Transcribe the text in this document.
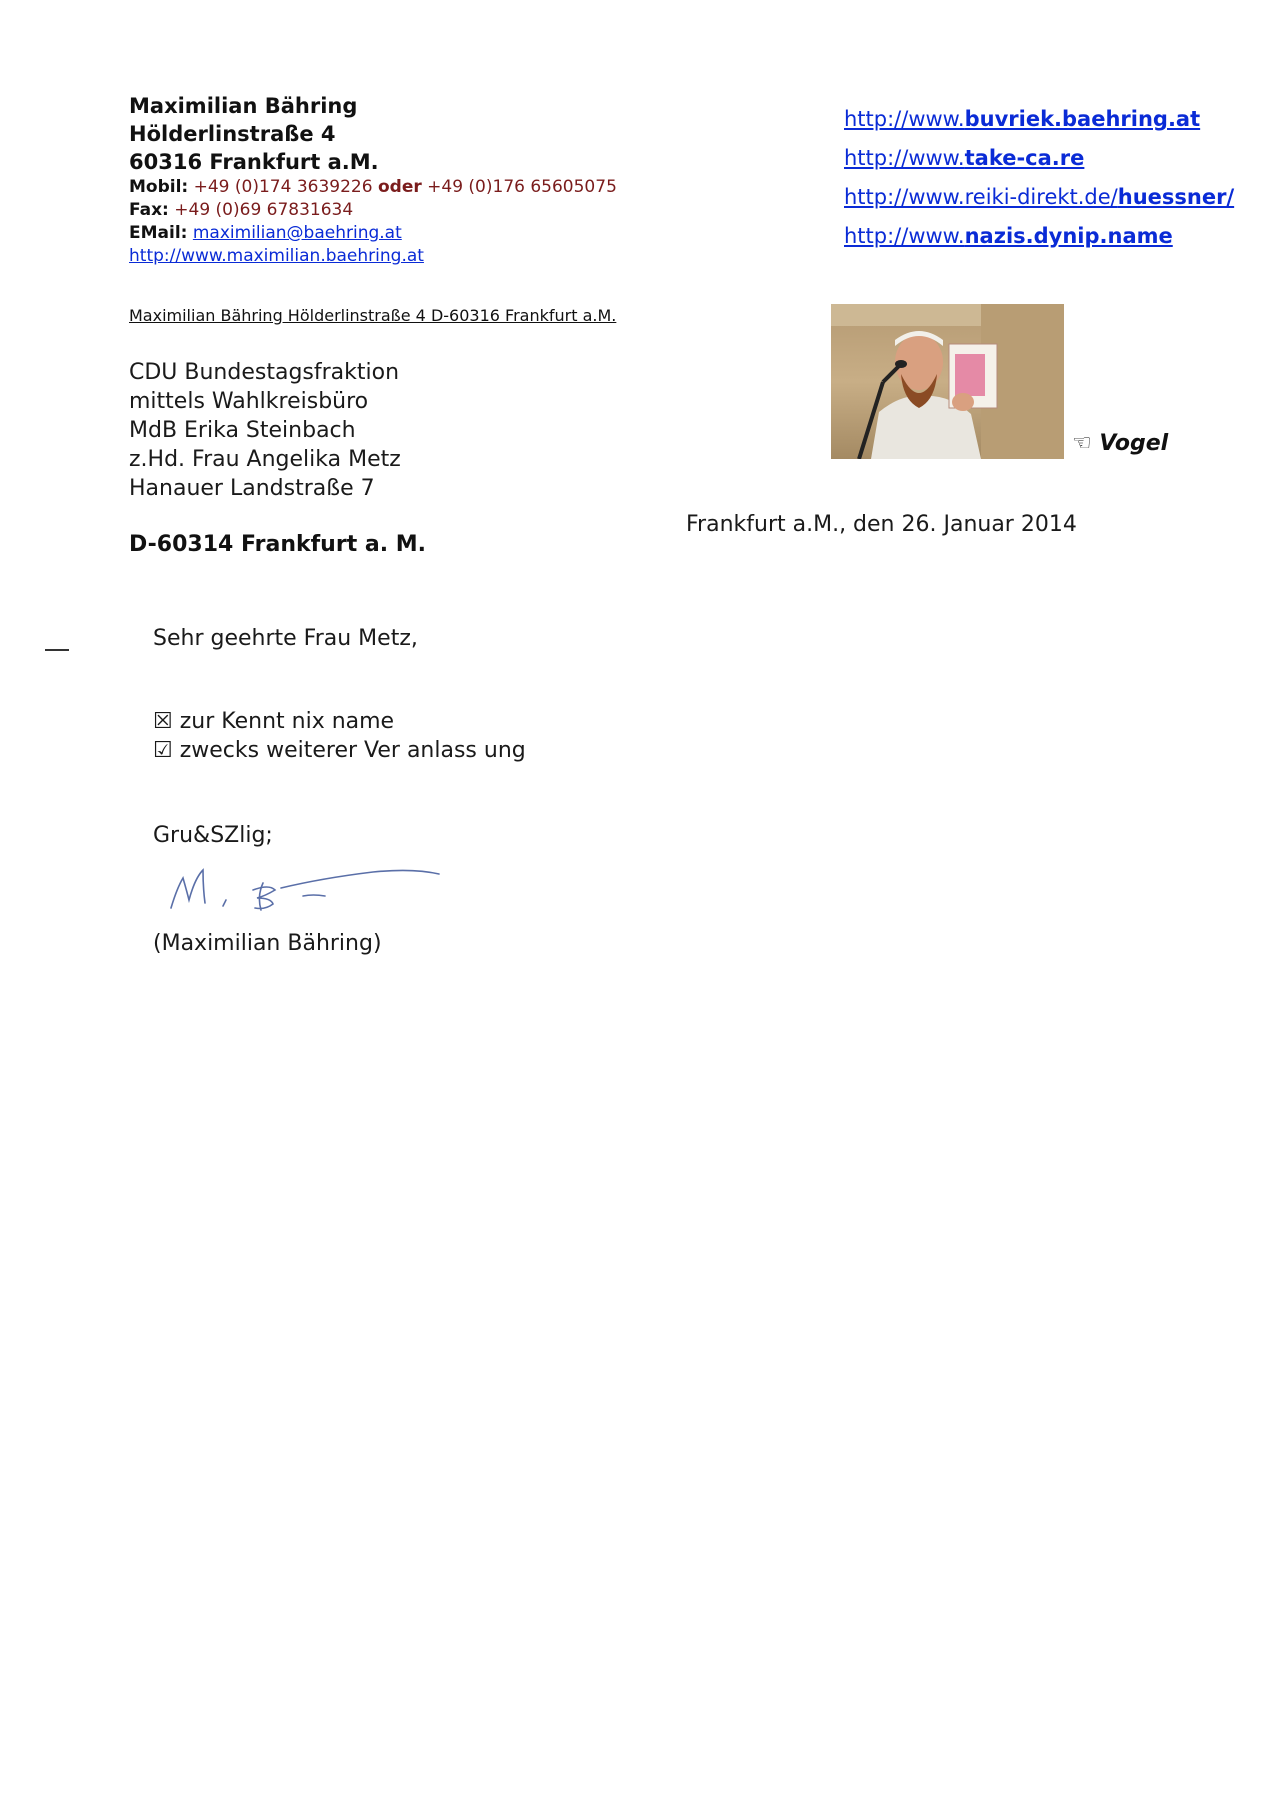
Maximilian Bähring
Hölderlinstraße 4
60316 Frankfurt a.M.
Mobil: +49 (0)174 3639226 oder +49 (0)176 65605075
Fax: +49 (0)69 67831634
EMail: maximilian@baehring.at
http://www.maximilian.baehring.at
http://www.buvriek.baehring.at
http://www.take-ca.re
http://www.reiki-direkt.de/huessner/
http://www.nazis.dynip.name
Maximilian Bähring Hölderlinstraße 4 D-60316 Frankfurt a.M.
CDU Bundestagsfraktion
mittels Wahlkreisbüro
MdB Erika Steinbach
z.Hd. Frau Angelika Metz
Hanauer Landstraße 7
D-60314 Frankfurt a. M.
☜ Vogel
Frankfurt a.M., den 26. Januar 2014
Sehr geehrte Frau Metz,
☒ zur Kennt nix name
☑ zwecks weiterer Ver anlass ung
Gru&SZlig;
(Maximilian Bähring)
